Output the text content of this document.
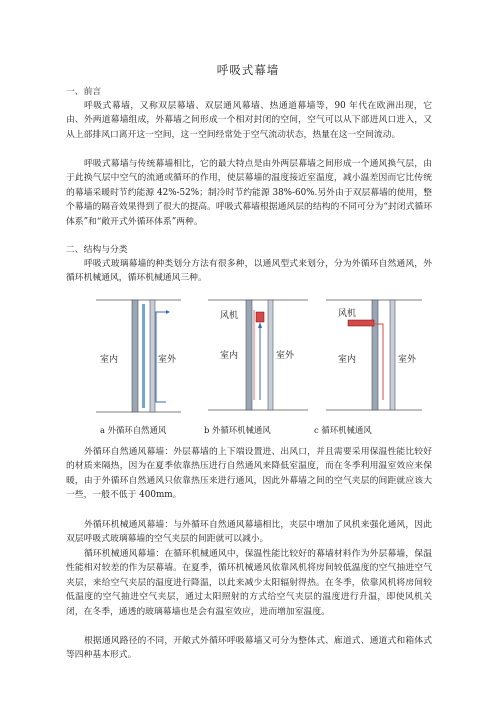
呼吸式幕墙
一、前言
呼吸式幕墙，又称双层幕墙、双层通风幕墙、热通道幕墙等，90 年代在欧洲出现，它由、外两道幕墙组成，外幕墙之间形成一个相对封闭的空间，空气可以从下部进风口进入，又从上部排风口离开这一空间，这一空间经常处于空气流动状态，热量在这一空间流动。
呼吸式幕墙与传统幕墙相比，它的最大特点是由外两层幕墙之间形成一个通风换气层，由于此换气层中空气的流通或循环的作用，使层幕墙的温度接近室温度，减小温差因而它比传统的幕墙采暖时节约能源 42%-52%；制冷时节约能源 38%-60%.另外由于双层幕墙的使用，整个幕墙的隔音效果得到了很大的提高。呼吸式幕墙根据通风层的结构的不同可分为“封闭式循环体系”和“敞开式外循环体系”两种。
二、结构与分类
呼吸式玻璃幕墙的种类划分方法有很多种，以通风型式来划分，分为外循环自然通风，外循环机械通风，循环机械通风三种。
室内	室外
风机
室内	室外
风机
室内	室外
a 外循环自然通风	b 外循环机械通风	c 循环机械通风
外循环自然通风幕墙：外层幕墙的上下端设置进、出风口，并且需要采用保温性能比较好的材质来隔热，因为在夏季依靠热压进行自然通风来降低室温度，而在冬季利用温室效应来保暖，由于外循环自然通风只依靠热压来进行通风，因此外幕墙之间的空气夹层的间距就应该大一些，一般不低于 400mm。
外循环机械通风幕墙：与外循环自然通风幕墙相比，夹层中增加了风机来强化通风，因此双层呼吸式玻璃幕墙的空气夹层的间距就可以减小。
循环机械通风幕墙：在循环机械通风中，保温性能比较好的幕墙材料作为外层幕墙，保温性能相对较差的作为层幕墙。在夏季，循环机械通风依靠风机将房间较低温度的空气抽进空气夹层，来给空气夹层的温度进行降温，以此来减少太阳辐射得热。在冬季，依靠风机将房间较低温度的空气抽进空气夹层，通过太阳照射的方式给空气夹层的温度进行升温，即使风机关闭，在冬季，通透的玻璃幕墙也是会有温室效应，进而增加室温度。
根据通风路径的不同，开敞式外循环呼吸幕墙又可分为整体式、廊道式、通道式和箱体式等四种基本形式。
